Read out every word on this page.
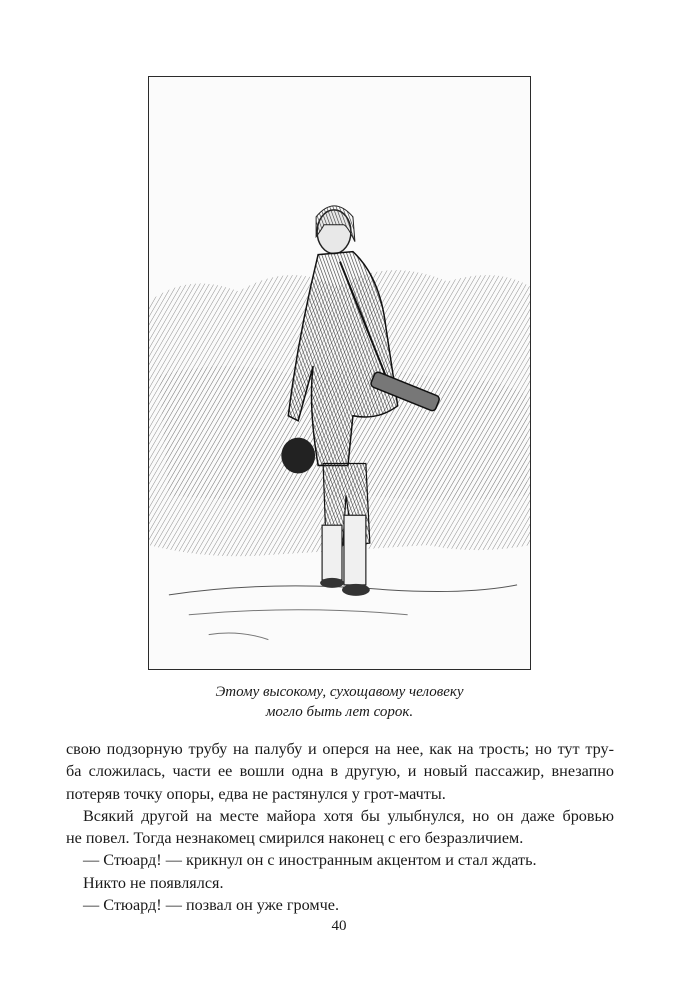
Этому высокому, сухощавому человеку
могло быть лет сорок.

свою подзорную трубу на палубу и оперся на нее, как на трость; но тут тру-

ба сложилась, части ее вошли одна в другую, и новый пассажир, внезапно

потеряв точку опоры, едва не растянулся у грот-мачты.

Всякий другой на месте майора хотя бы улыбнулся, но он даже бровью

не повел. Тогда незнакомец смирился наконец с его безразличием.

— Стюард! — крикнул он с иностранным акцентом и стал ждать.

Никто не появлялся.

— Стюард! — позвал он уже громче.

40
